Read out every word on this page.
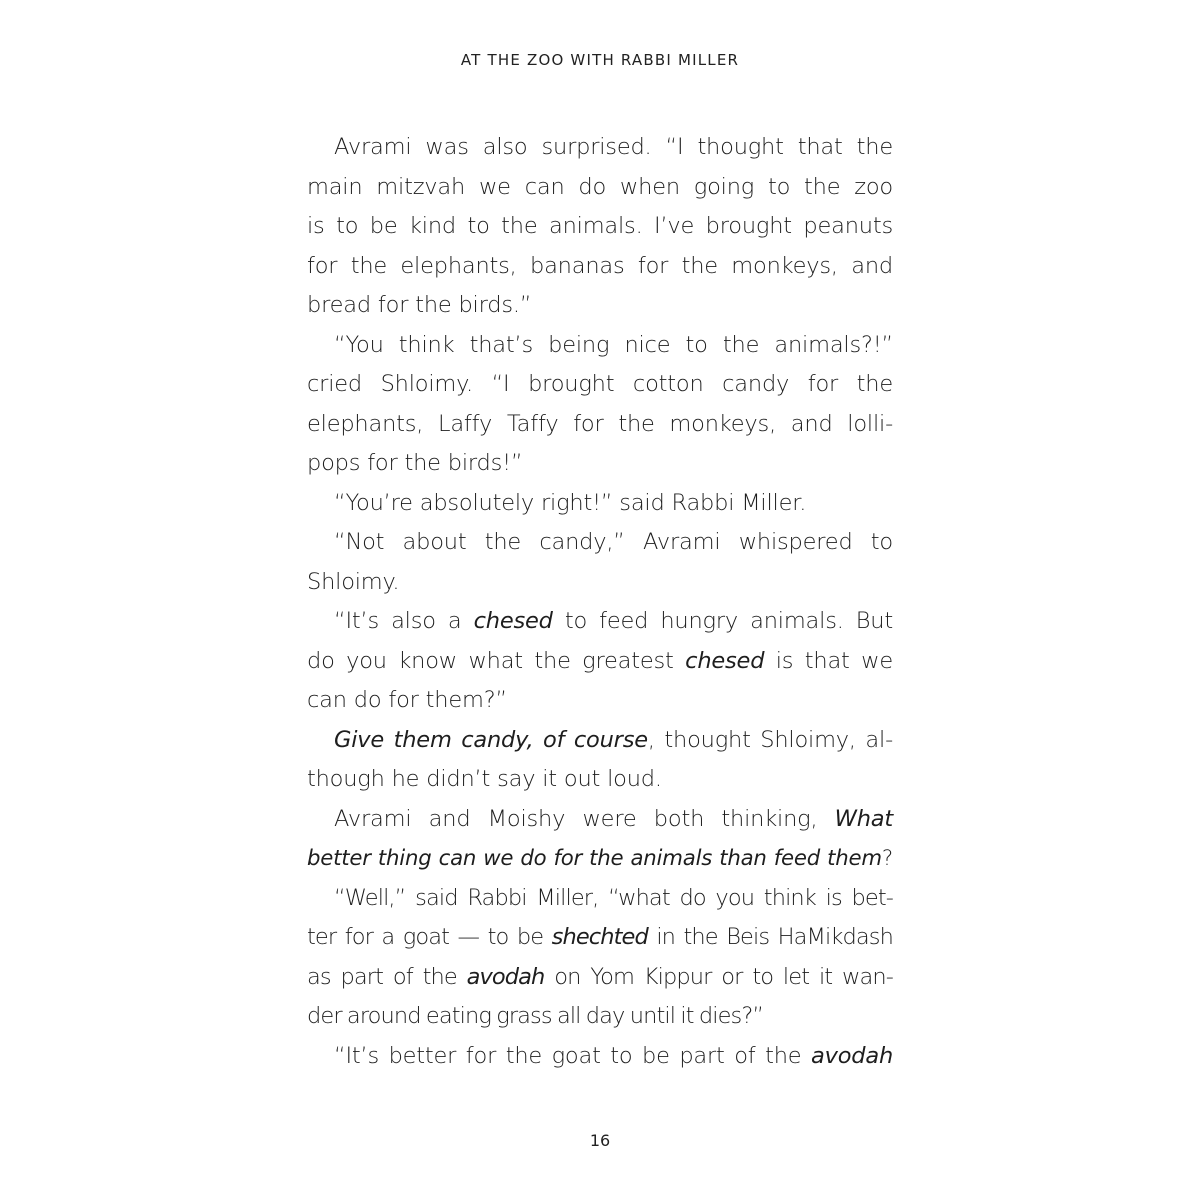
AT THE ZOO WITH RABBI MILLER
Avrami was also surprised. “I thought that the
main mitzvah we can do when going to the zoo
is to be kind to the animals. I’ve brought peanuts
for the elephants, bananas for the monkeys, and
bread for the birds.”
“You think that’s being nice to the animals?!”
cried Shloimy. “I brought cotton candy for the
elephants, Laffy Taffy for the monkeys, and lolli-
pops for the birds!”
“You’re absolutely right!” said Rabbi Miller.
“Not about the candy,” Avrami whispered to
Shloimy.
“It’s also a chesed to feed hungry animals. But
do you know what the greatest chesed is that we
can do for them?”
Give them candy, of course, thought Shloimy, al-
though he didn’t say it out loud.
Avrami and Moishy were both thinking, What
better thing can we do for the animals than feed them?
“Well,” said Rabbi Miller, “what do you think is bet-
ter for a goat — to be shechted in the Beis HaMikdash
as part of the avodah on Yom Kippur or to let it wan-
der around eating grass all day until it dies?”
“It’s better for the goat to be part of the avodah
16
